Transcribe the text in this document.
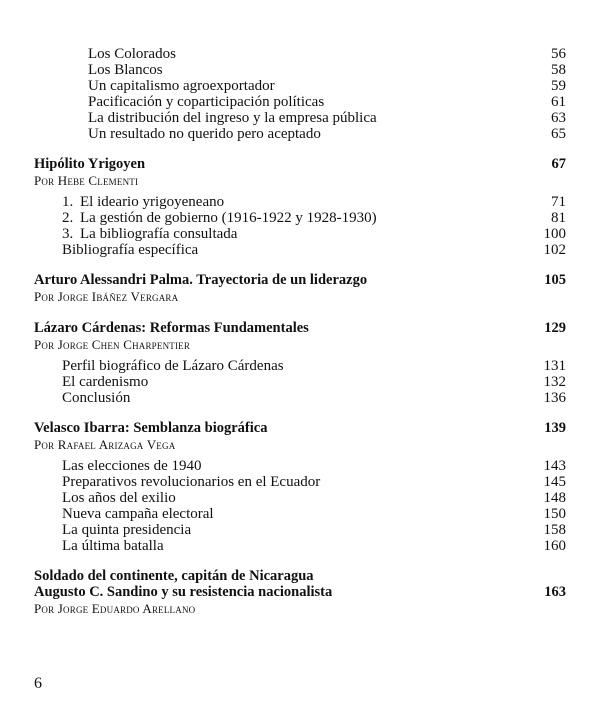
Los Colorados	56
Los Blancos	58
Un capitalismo agroexportador	59
Pacificación y coparticipación políticas	61
La distribución del ingreso y la empresa pública	63
Un resultado no querido pero aceptado	65
Hipólito Yrigoyen	67
Por Hebe Clementi
1. El ideario yrigoyeneano	71
2. La gestión de gobierno (1916-1922 y 1928-1930)	81
3. La bibliografía consultada	100
Bibliografía específica	102
Arturo Alessandri Palma. Trayectoria de un liderazgo	105
Por Jorge Ibáñez Vergara
Lázaro Cárdenas: Reformas Fundamentales	129
Por Jorge Chen Charpentier
Perfil biográfico de Lázaro Cárdenas	131
El cardenismo	132
Conclusión	136
Velasco Ibarra: Semblanza biográfica	139
Por Rafael Arizaga Vega
Las elecciones de 1940	143
Preparativos revolucionarios en el Ecuador	145
Los años del exilio	148
Nueva campaña electoral	150
La quinta presidencia	158
La última batalla	160
Soldado del continente, capitán de Nicaragua
Augusto C. Sandino y su resistencia nacionalista	163
Por Jorge Eduardo Arellano
6
